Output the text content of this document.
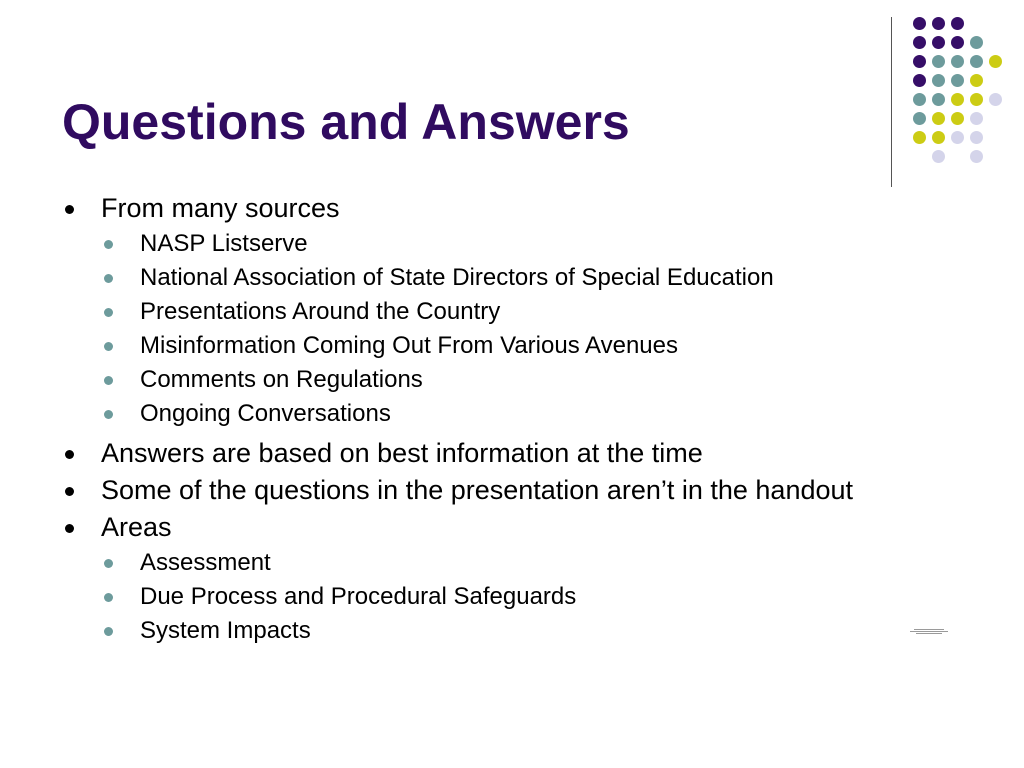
Questions and Answers
From many sources
NASP Listserve
National Association of State Directors of Special Education
Presentations Around the Country
Misinformation Coming Out From Various Avenues
Comments on Regulations
Ongoing Conversations
Answers are based on best information at the time
Some of the questions in the presentation aren’t in the handout
Areas
Assessment
Due Process and Procedural Safeguards
System Impacts
